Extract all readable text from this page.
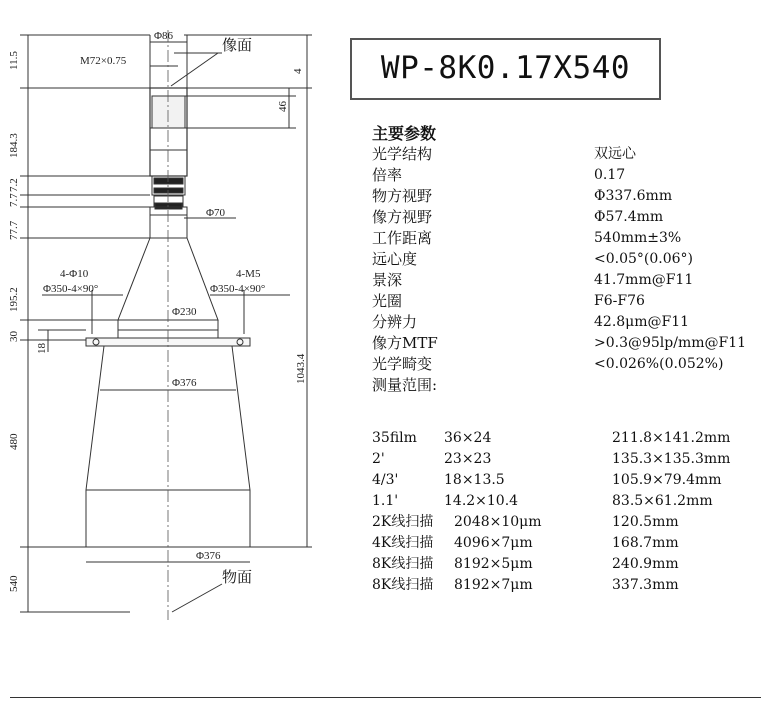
11.5
184.3
7.2
7.7
77.7
195.2
30
18
480
540
4
46
1043.4
Φ86
M72×0.75
Φ70
Φ230
Φ376
Φ376
4-Φ10
Φ350-4×90°
4-M5
Φ350-4×90°
像面
物面
WP-8K0.17X540
主要参数
光学结构	双远心
倍率	0.17
物方视野	Φ337.6mm
像方视野	Φ57.4mm
工作距离	540mm±3%
远心度	<0.05°(0.06°)
景深	41.7mm@F11
光圈	F6-F76
分辨力	42.8μm@F11
像方MTF	>0.3@95lp/mm@F11
光学畸变	<0.026%(0.052%)
测量范围:
35film 36×24	211.8×141.2mm
2'	23×23	135.3×135.3mm
4/3'	18×13.5	105.9×79.4mm
1.1'	14.2×10.4	83.5×61.2mm
2K线扫描 2048×10μm	120.5mm
4K线扫描 4096×7μm	168.7mm
8K线扫描 8192×5μm	240.9mm
8K线扫描 8192×7μm	337.3mm
